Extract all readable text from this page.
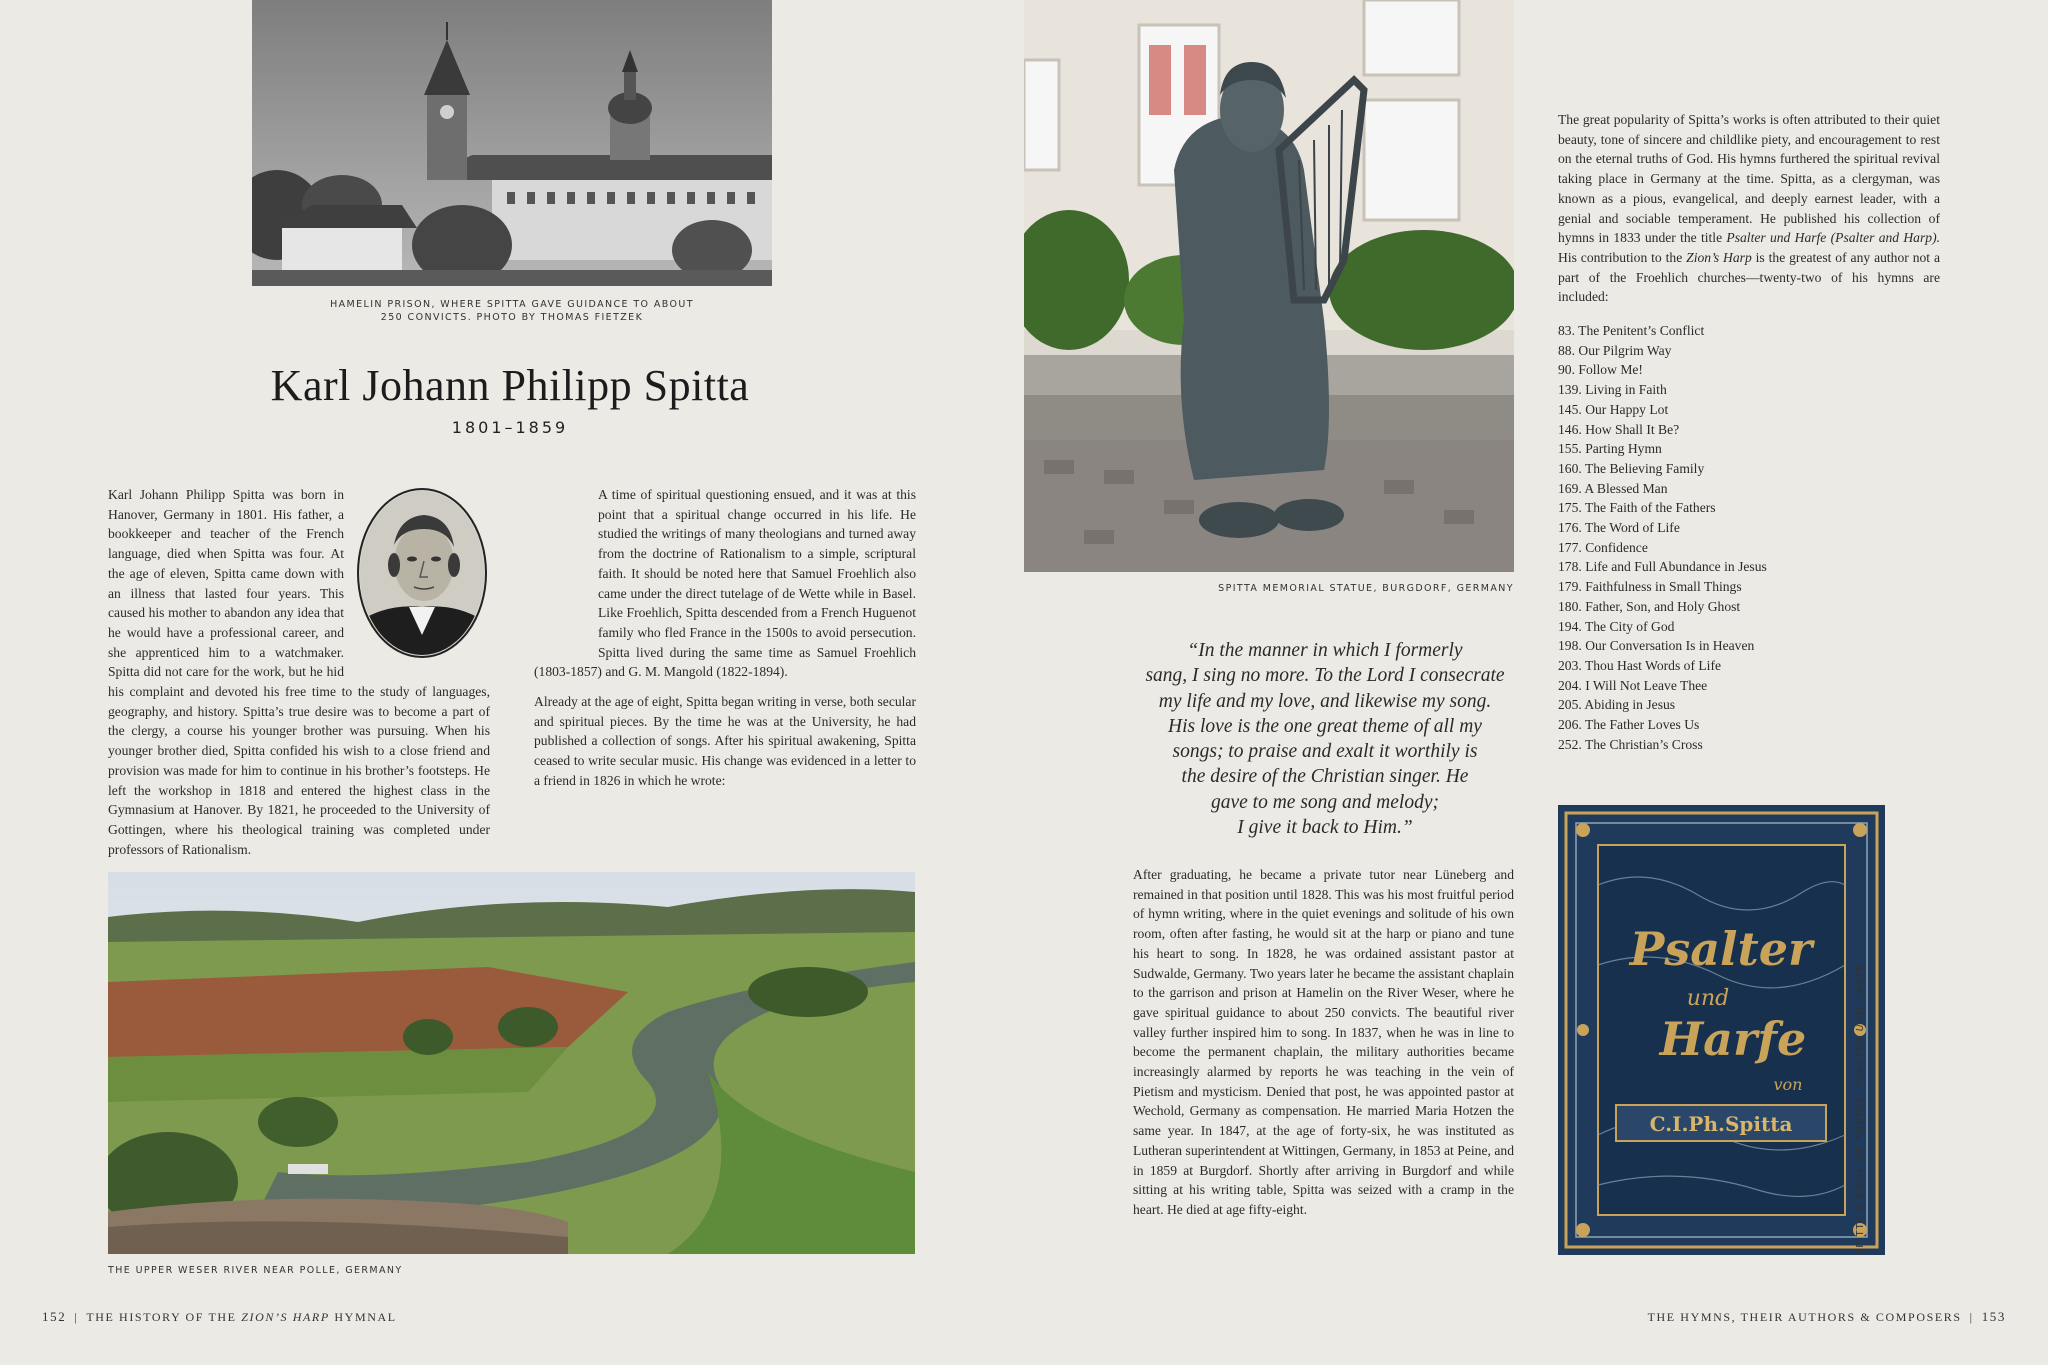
HAMELIN PRISON, WHERE SPITTA GAVE GUIDANCE TO ABOUT
250 CONVICTS. PHOTO BY THOMAS FIETZEK
Karl Johann Philipp Spitta
1801–1859

Karl Johann Philipp Spitta was born in Hanover, Germany in 1801. His father, a bookkeeper and teacher of the French language, died when Spitta was four. At the age of eleven, Spitta came down with an illness that lasted four years. This caused his mother to abandon any idea that he would have a professional career, and she apprenticed him to a watchmaker. Spitta did not care for the work, but he hid his complaint and devoted his free time to the study of languages, geography, and history. Spitta’s true desire was to become a part of the clergy, a course his younger brother was pursuing. When his younger brother died, Spitta confided his wish to a close friend and provision was made for him to continue in his brother’s footsteps. He left the workshop in 1818 and entered the highest class in the Gymnasium at Hanover. By 1821, he proceeded to the University of Gottingen, where his theological training was completed under professors of Rationalism.

A time of spiritual questioning ensued, and it was at this point that a spiritual change occurred in his life. He studied the writings of many theologians and turned away from the doctrine of Rationalism to a simple, scriptural faith. It should be noted here that Samuel Froehlich also came under the direct tutelage of de Wette while in Basel. Like Froehlich, Spitta descended from a French Huguenot family who fled France in the 1500s to avoid persecution. Spitta lived during the same time as Samuel Froehlich (1803-1857) and G. M. Mangold (1822-1894).

Already at the age of eight, Spitta began writing in verse, both secular and spiritual pieces. By the time he was at the University, he had published a collection of songs. After his spiritual awakening, Spitta ceased to write secular music. His change was evidenced in a letter to a friend in 1826 in which he wrote:

THE UPPER WESER RIVER NEAR POLLE, GERMANY
152 | THE HISTORY OF THE ZION’S HARP HYMNAL
SPITTA MEMORIAL STATUE, BURGDORF, GERMANY
“In the manner in which I formerly
sang, I sing no more. To the Lord I consecrate
my life and my love, and likewise my song.
His love is the one great theme of all my
songs; to praise and exalt it worthily is
the desire of the Christian singer. He
gave to me song and melody;
I give it back to Him.”

After graduating, he became a private tutor near Lüneberg and remained in that position until 1828. This was his most fruitful period of hymn writing, where in the quiet evenings and solitude of his own room, often after fasting, he would sit at the harp or piano and tune his heart to song. In 1828, he was ordained assistant pastor at Sudwalde, Germany. Two years later he became the assistant chaplain to the garrison and prison at Hamelin on the River Weser, where he gave spiritual guidance to about 250 convicts. The beautiful river valley further inspired him to song. In 1837, when he was in line to become the permanent chaplain, the military authorities became increasingly alarmed by reports he was teaching in the vein of Pietism and mysticism. Denied that post, he was appointed pastor at Wechold, Germany as compensation. He married Maria Hotzen the same year. In 1847, at the age of forty-six, he was instituted as Lutheran superintendent at Wittingen, Germany, in 1853 at Peine, and in 1859 at Burgdorf. Shortly after arriving in Burgdorf and while sitting at his writing table, Spitta was seized with a cramp in the heart. He died at age fifty-eight.

The great popularity of Spitta’s works is often attributed to their quiet beauty, tone of sincere and childlike piety, and encouragement to rest on the eternal truths of God. His hymns furthered the spiritual revival taking place in Germany at the time. Spitta, as a clergyman, was known as a pious, evangelical, and deeply earnest leader, with a genial and sociable temperament. He published his collection of hymns in 1833 under the title Psalter und Harfe (Psalter and Harp). His contribution to the Zion’s Harp is the greatest of any author not a part of the Froehlich churches—twenty-two of his hymns are included:

83. The Penitent’s Conflict
88. Our Pilgrim Way
90. Follow Me!
139. Living in Faith
145. Our Happy Lot
146. How Shall It Be?
155. Parting Hymn
160. The Believing Family
169. A Blessed Man
175. The Faith of the Fathers
176. The Word of Life
177. Confidence
178. Life and Full Abundance in Jesus
179. Faithfulness in Small Things
180. Father, Son, and Holy Ghost
194. The City of God
198. Our Conversation Is in Heaven
203. Thou Hast Words of Life
204. I Will Not Leave Thee
205. Abiding in Jesus
206. The Father Loves Us
252. The Christian’s Cross
Psalter
und
Harfe
von
C.I.Ph.Spitta	SPITTA’S BOOK OF POETRY, PSALTER UND HARFE
THE HYMNS, THEIR AUTHORS & COMPOSERS | 153
